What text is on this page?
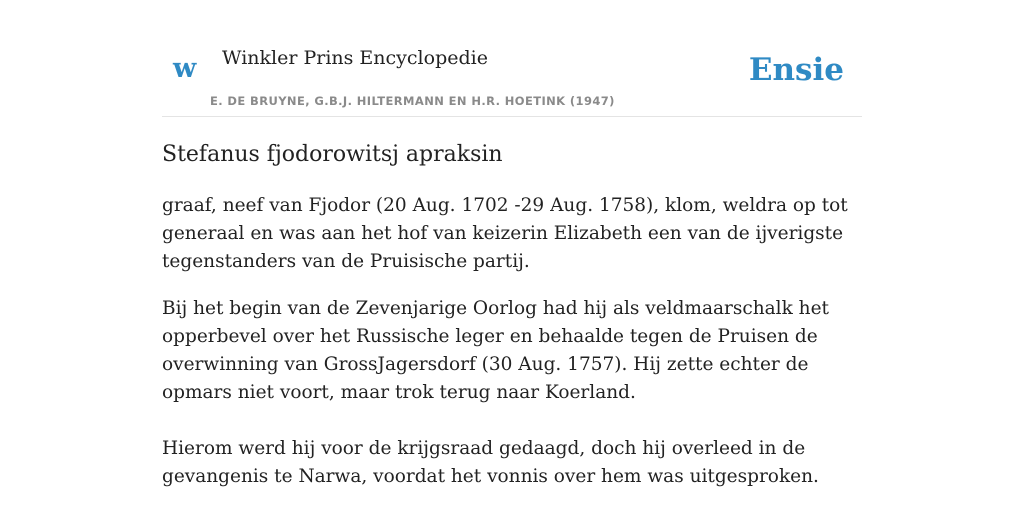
w Winkler Prins Encyclopedie
E. DE BRUYNE, G.B.J. HILTERMANN EN H.R. HOETINK (1947)
Ensie
Stefanus fjodorowitsj apraksin

graaf, neef van Fjodor (20 Aug. 1702 -29 Aug. 1758), klom, weldra op tot generaal en was aan het hof van keizerin Elizabeth een van de ijverigste tegenstanders van de Pruisische partij.

Bij het begin van de Zevenjarige Oorlog had hij als veldmaarschalk het opperbevel over het Russische leger en behaalde tegen de Pruisen de overwinning van GrossJagersdorf (30 Aug. 1757). Hij zette echter de opmars niet voort, maar trok terug naar Koerland.

Hierom werd hij voor de krijgsraad gedaagd, doch hij overleed in de gevangenis te Narwa, voordat het vonnis over hem was uitgesproken.
